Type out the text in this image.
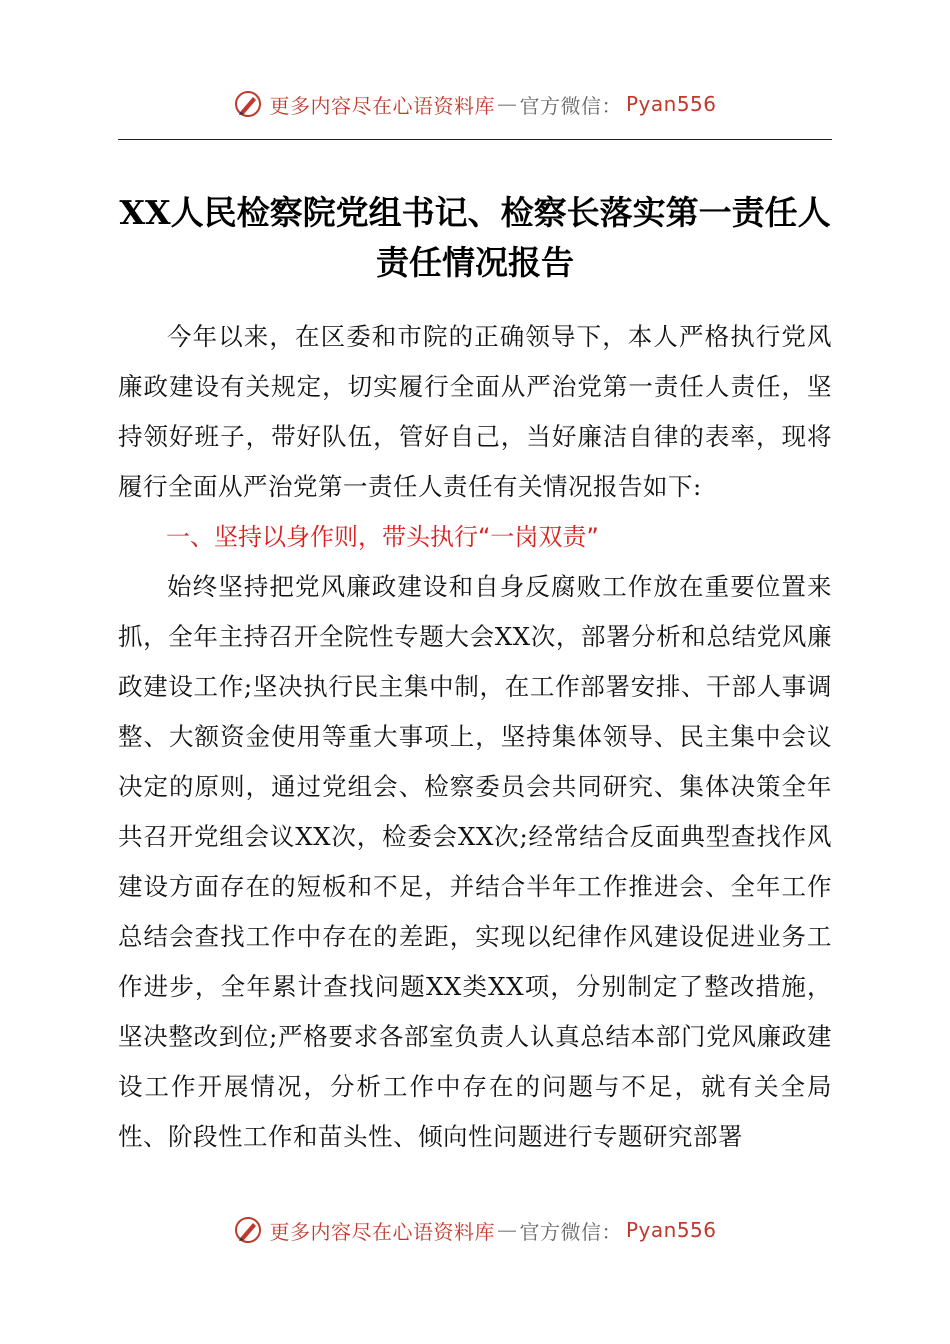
更多内容尽在心语资料库 — 官方微信： Pyan556
XX人民检察院党组书记、检察长落实第一责任人责任情况报告

今年以来，在区委和市院的正确领导下，本人严格执行党风廉政建设有关规定，切实履行全面从严治党第一责任人责任，坚持领好班子，带好队伍，管好自己，当好廉洁自律的表率，现将履行全面从严治党第一责任人责任有关情况报告如下:

一、坚持以身作则，带头执行“一岗双责”

始终坚持把党风廉政建设和自身反腐败工作放在重要位置来抓，全年主持召开全院性专题大会XX次，部署分析和总结党风廉政建设工作;坚决执行民主集中制，在工作部署安排、干部人事调整、大额资金使用等重大事项上，坚持集体领导、民主集中会议决定的原则，通过党组会、检察委员会共同研究、集体决策全年共召开党组会议XX次，检委会XX次;经常结合反面典型查找作风建设方面存在的短板和不足，并结合半年工作推进会、全年工作总结会查找工作中存在的差距，实现以纪律作风建设促进业务工作进步，全年累计查找问题XX类XX项，分别制定了整改措施，坚决整改到位;严格要求各部室负责人认真总结本部门党风廉政建设工作开展情况，分析工作中存在的问题与不足，就有关全局性、阶段性工作和苗头性、倾向性问题进行专题研究部署

更多内容尽在心语资料库 — 官方微信： Pyan556
